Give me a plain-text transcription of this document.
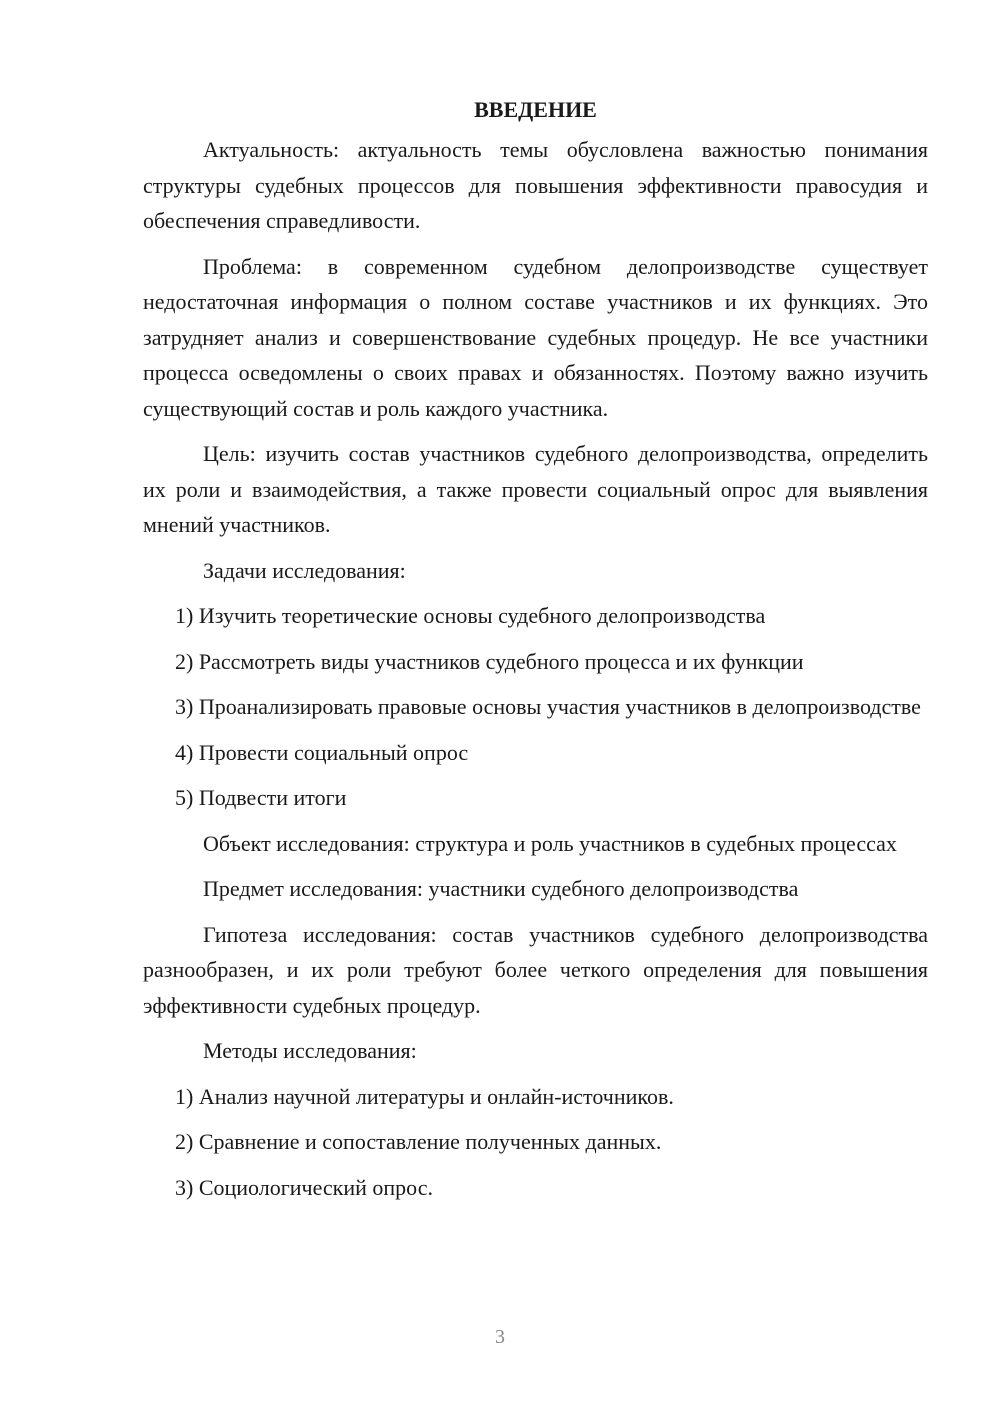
ВВЕДЕНИЕ

Актуальность: актуальность темы обусловлена важностью понимания структуры судебных процессов для повышения эффективности правосудия и обеспечения справедливости.

Проблема: в современном судебном делопроизводстве существует недостаточная информация о полном составе участников и их функциях. Это затрудняет анализ и совершенствование судебных процедур. Не все участники процесса осведомлены о своих правах и обязанностях. Поэтому важно изучить существующий состав и роль каждого участника.

Цель: изучить состав участников судебного делопроизводства, определить их роли и взаимодействия, а также провести социальный опрос для выявления мнений участников.

Задачи исследования:

1) Изучить теоретические основы судебного делопроизводства

2) Рассмотреть виды участников судебного процесса и их функции

3) Проанализировать правовые основы участия участников в делопроизводстве

4) Провести социальный опрос

5) Подвести итоги

Объект исследования: структура и роль участников в судебных процессах

Предмет исследования: участники судебного делопроизводства

Гипотеза исследования: состав участников судебного делопроизводства разнообразен, и их роли требуют более четкого определения для повышения эффективности судебных процедур.

Методы исследования:

1) Анализ научной литературы и онлайн-источников.

2) Сравнение и сопоставление полученных данных.

3) Социологический опрос.

3
